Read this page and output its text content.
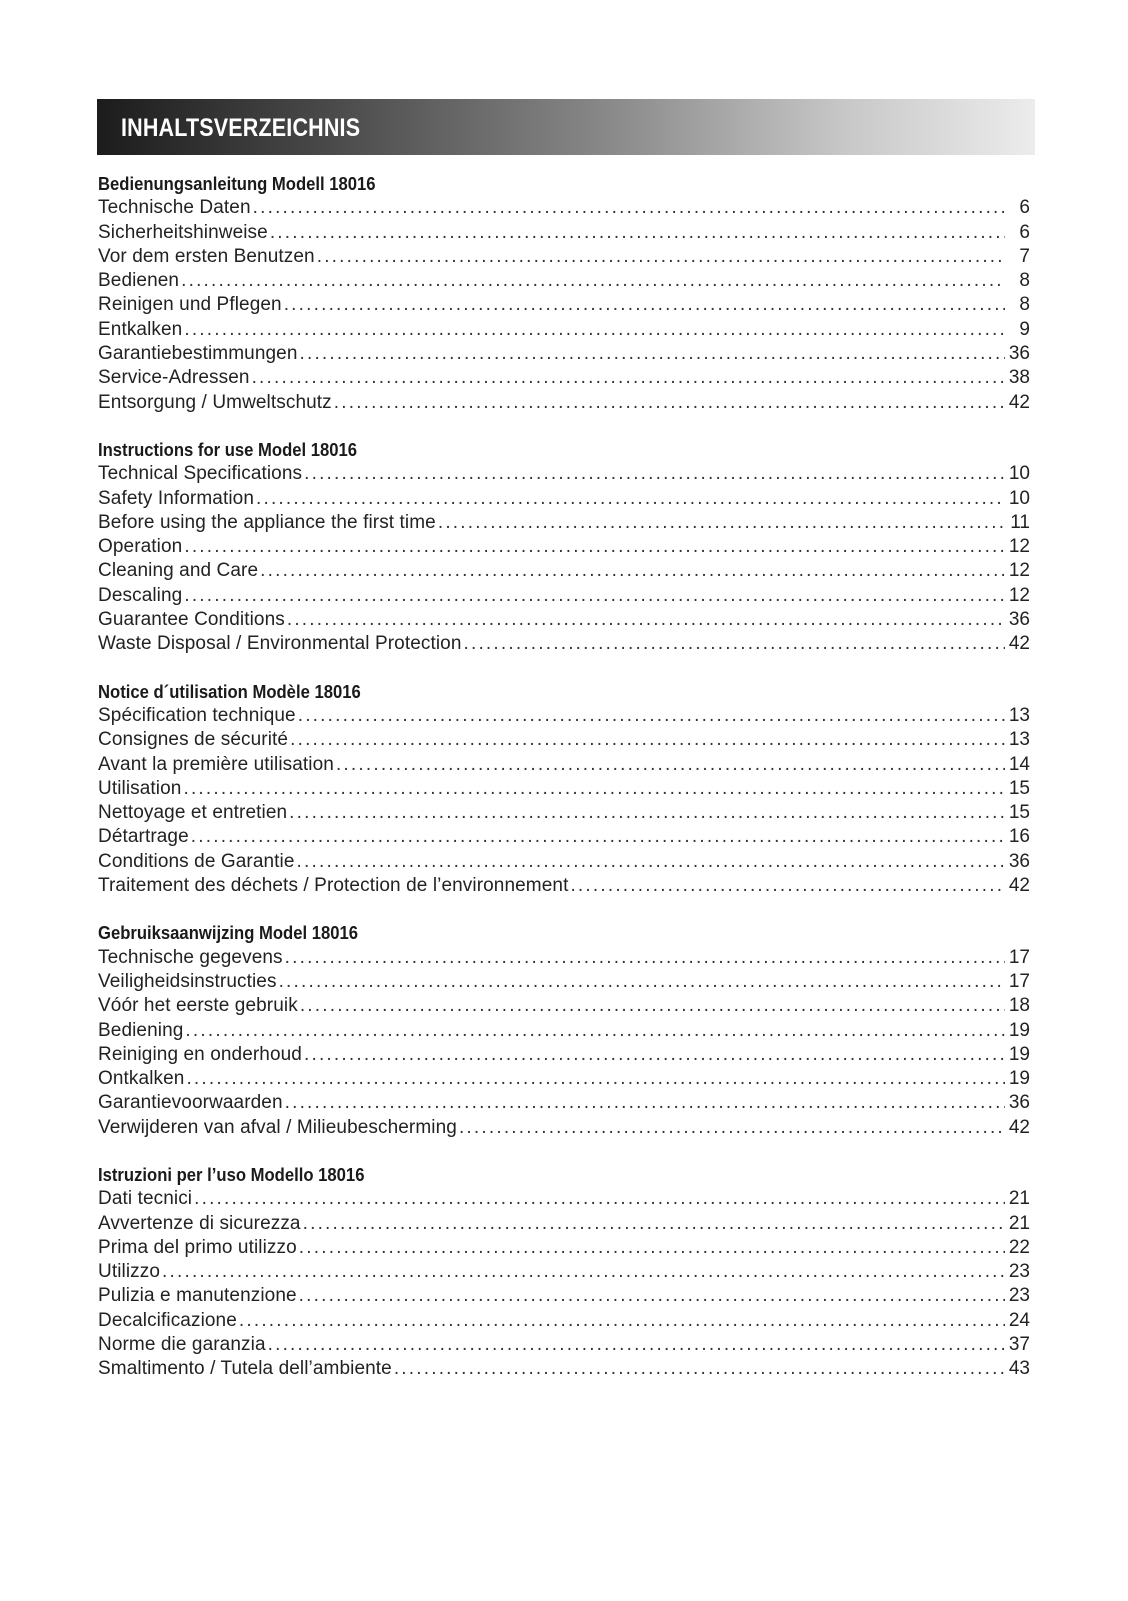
INHALTSVERZEICHNIS
Bedienungsanleitung Modell 18016
Technische Daten .....	6
Sicherheitshinweise .....	6
Vor dem ersten Benutzen .....	7
Bedienen .....	8
Reinigen und Pflegen .....	8
Entkalken .....	9
Garantiebestimmungen .....	36
Service-Adressen .....	38
Entsorgung / Umweltschutz .....	42
Instructions for use Model 18016
Technical Specifications .....	10
Safety Information .....	10
Before using the appliance the first time .....	11
Operation .....	12
Cleaning and Care .....	12
Descaling .....	12
Guarantee Conditions .....	36
Waste Disposal / Environmental Protection .....	42
Notice d´utilisation Modèle 18016
Spécification technique .....	13
Consignes de sécurité .....	13
Avant la première utilisation .....	14
Utilisation .....	15
Nettoyage et entretien .....	15
Détartrage .....	16
Conditions de Garantie .....	36
Traitement des déchets / Protection de l’environnement .....	42
Gebruiksaanwijzing Model 18016
Technische gegevens .....	17
Veiligheidsinstructies .....	17
Vóór het eerste gebruik .....	18
Bediening .....	19
Reiniging en onderhoud .....	19
Ontkalken .....	19
Garantievoorwaarden .....	36
Verwijderen van afval / Milieubescherming .....	42
Istruzioni per l’uso Modello 18016
Dati tecnici .....	21
Avvertenze di sicurezza .....	21
Prima del primo utilizzo .....	22
Utilizzo .....	23
Pulizia e manutenzione .....	23
Decalcificazione .....	24
Norme die garanzia .....	37
Smaltimento / Tutela dell’ambiente .....	43
